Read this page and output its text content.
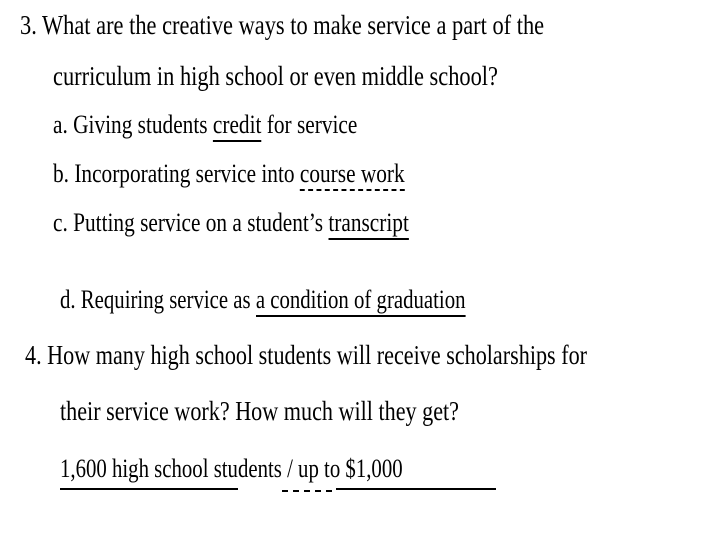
3. What are the creative ways to make service a part of the
curriculum in high school or even middle school?
a. Giving students credit for service
b. Incorporating service into course work
c. Putting service on a student’s transcript
d. Requiring service as a condition of graduation
4. How many high school students will receive scholarships for
their service work? How much will they get?
1,600 high school students / up to $1,000
